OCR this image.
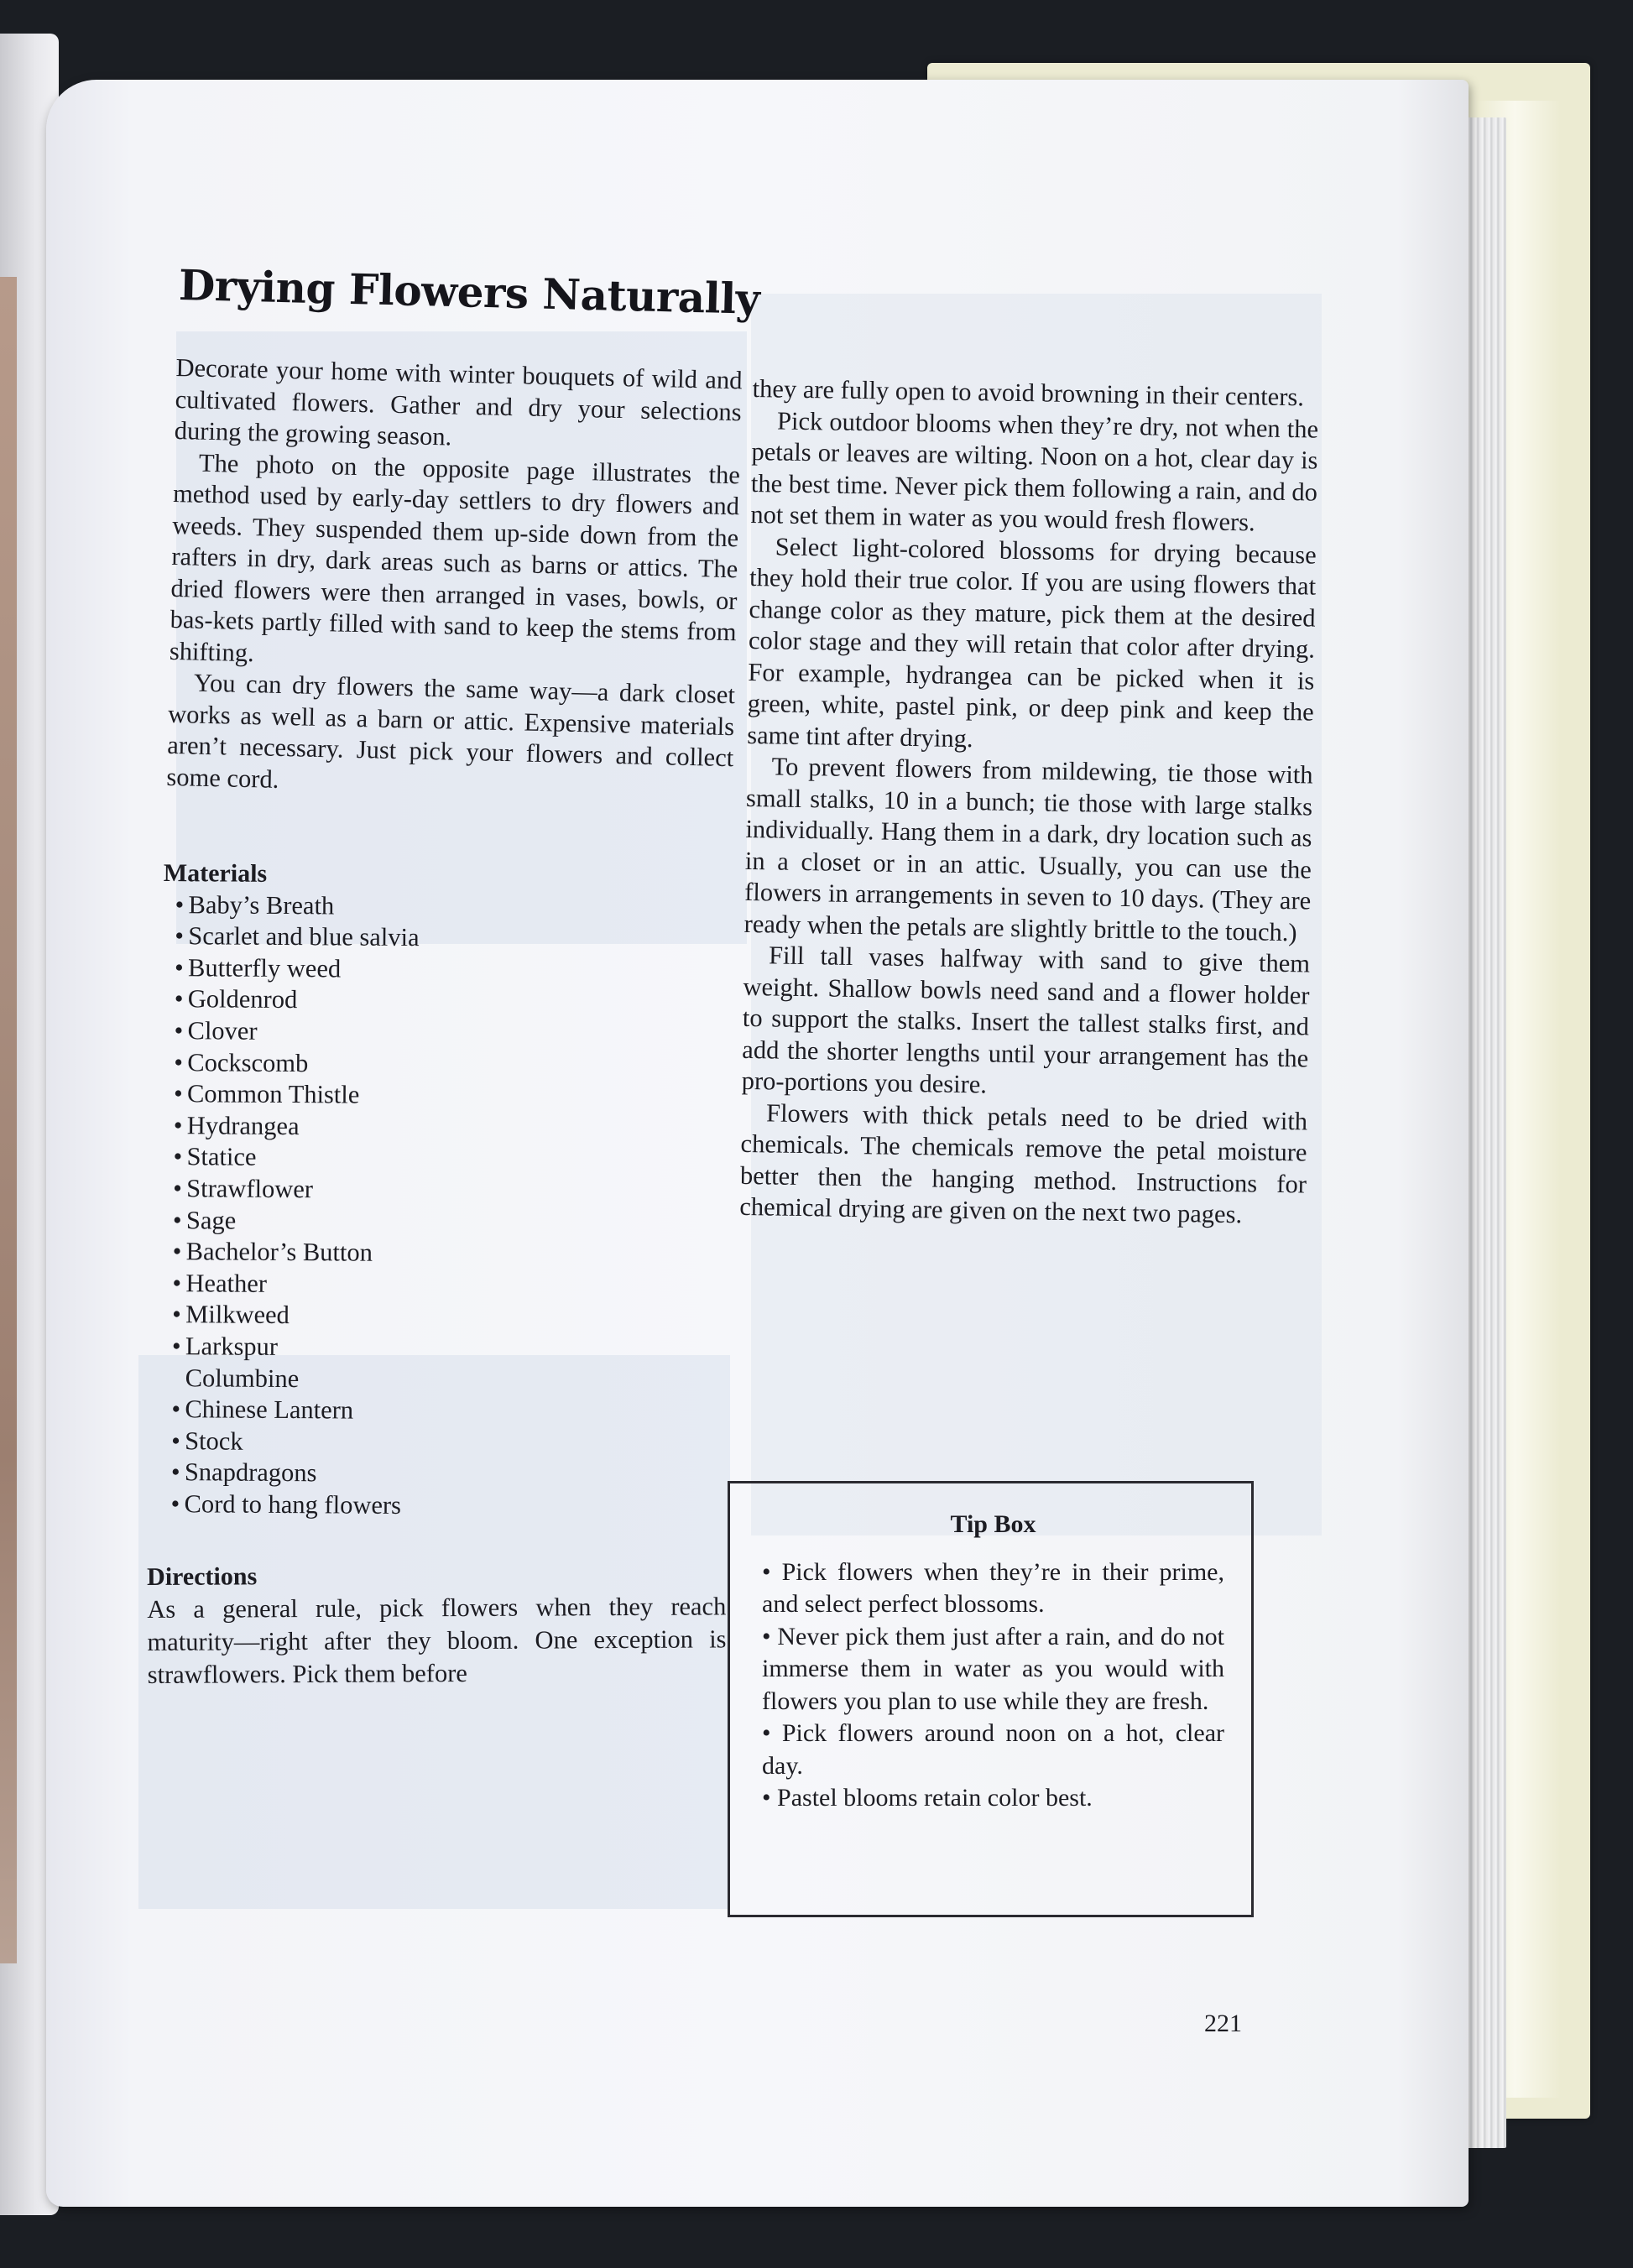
Drying Flowers Naturally

Decorate your home with winter bouquets of wild and cultivated flowers. Gather and dry your selections during the growing season.

The photo on the opposite page illustrates the method used by early-day settlers to dry flowers and weeds. They suspended them up-side down from the rafters in dry, dark areas such as barns or attics. The dried flowers were then arranged in vases, bowls, or bas-kets partly filled with sand to keep the stems from shifting.

You can dry flowers the same way—a dark closet works as well as a barn or attic. Expensive materials aren’t necessary. Just pick your flowers and collect some cord.

Materials
• Baby’s Breath
• Scarlet and blue salvia
• Butterfly weed
• Goldenrod
• Clover
• Cockscomb
• Common Thistle
• Hydrangea
• Statice
• Strawflower
• Sage
• Bachelor’s Button
• Heather
• Milkweed
• Larkspur
Columbine
• Chinese Lantern
• Stock
• Snapdragons
• Cord to hang flowers
Directions

As a general rule, pick flowers when they reach maturity—right after they bloom. One exception is strawflowers. Pick them before

they are fully open to avoid browning in their centers.

Pick outdoor blooms when they’re dry, not when the petals or leaves are wilting. Noon on a hot, clear day is the best time. Never pick them following a rain, and do not set them in water as you would fresh flowers.

Select light-colored blossoms for drying because they hold their true color. If you are using flowers that change color as they mature, pick them at the desired color stage and they will retain that color after drying. For example, hydrangea can be picked when it is green, white, pastel pink, or deep pink and keep the same tint after drying.

To prevent flowers from mildewing, tie those with small stalks, 10 in a bunch; tie those with large stalks individually. Hang them in a dark, dry location such as in a closet or in an attic. Usually, you can use the flowers in arrangements in seven to 10 days. (They are ready when the petals are slightly brittle to the touch.)

Fill tall vases halfway with sand to give them weight. Shallow bowls need sand and a flower holder to support the stalks. Insert the tallest stalks first, and add the shorter lengths until your arrangement has the pro-portions you desire.

Flowers with thick petals need to be dried with chemicals. The chemicals remove the petal moisture better then the hanging method. Instructions for chemical drying are given on the next two pages.

Tip Box
• Pick flowers when they’re in their prime, and select perfect blossoms.
• Never pick them just after a rain, and do not immerse them in water as you would with flowers you plan to use while they are fresh.
• Pick flowers around noon on a hot, clear day.
• Pastel blooms retain color best.
221
